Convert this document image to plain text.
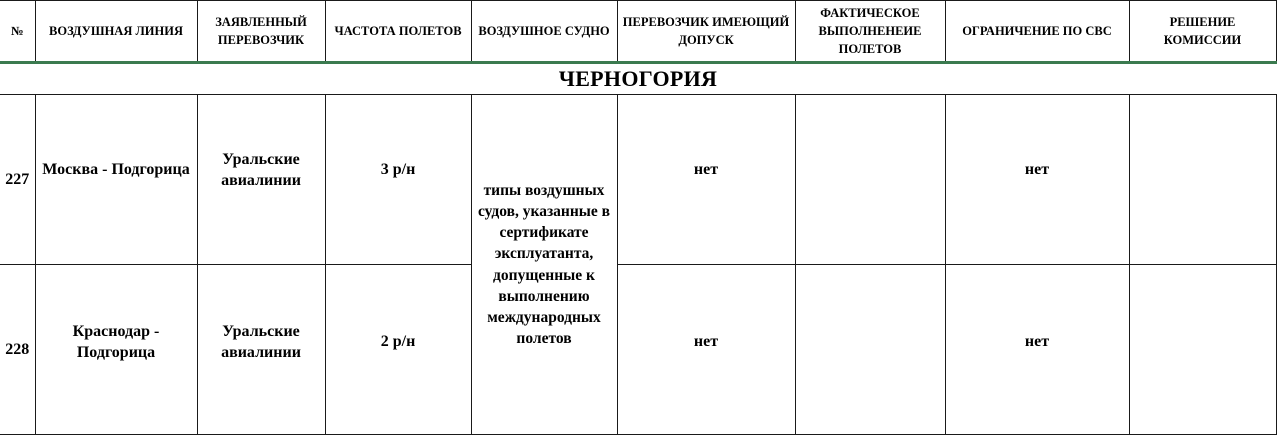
№	ВОЗДУШНАЯ ЛИНИЯ	ЗАЯВЛЕННЫЙ ПЕРЕВОЗЧИК	ЧАСТОТА ПОЛЕТОВ	ВОЗДУШНОЕ СУДНО	ПЕРЕВОЗЧИК ИМЕЮЩИЙ ДОПУСК	ФАКТИЧЕСКОЕ ВЫПОЛНЕНЕИЕ ПОЛЕТОВ	ОГРАНИЧЕНИЕ ПО СВС	РЕШЕНИЕ КОМИССИИ

ЧЕРНОГОРИЯ								
227	Москва - Подгорица	Уральские авиалинии	3 р/н	типы воздушных судов, указанные в сертификате эксплуатанта, допущенные к выполнению международных полетов	нет		нет	
228	Краснодар - Подгорица	Уральские авиалинии	2 р/н		нет		нет	
